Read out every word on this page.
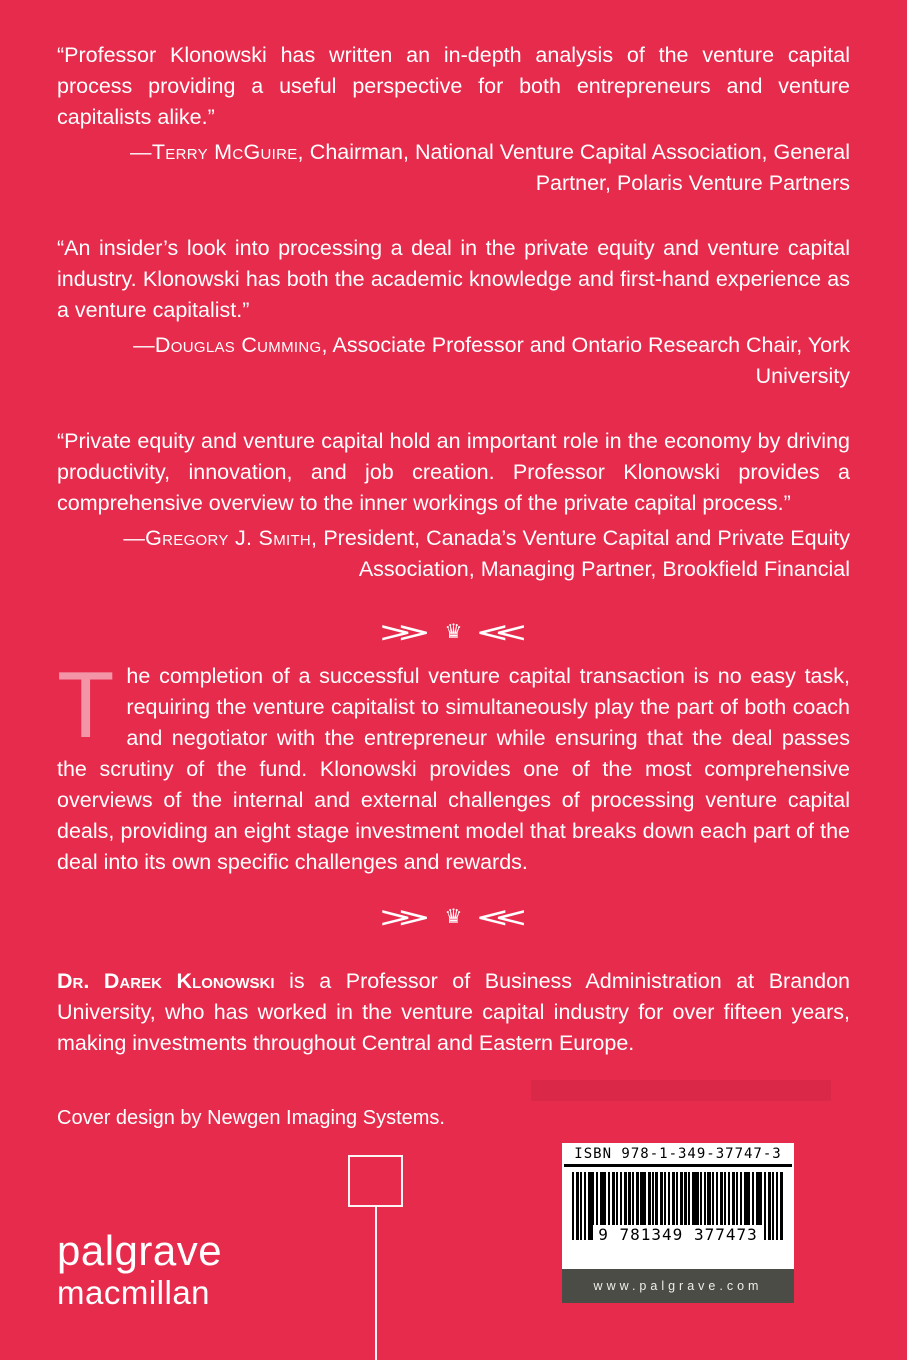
“Professor Klonowski has written an in-depth analysis of the venture capital process providing a useful perspective for both entrepreneurs and venture capitalists alike.”

—Terry McGuire, Chairman, National Venture Capital Association, General Partner, Polaris Venture Partners

“An insider’s look into processing a deal in the private equity and venture capital industry. Klonowski has both the academic knowledge and first-hand experience as a venture capitalist.”

—Douglas Cumming, Associate Professor and Ontario Research Chair, York University

“Private equity and venture capital hold an important role in the economy by driving productivity, innovation, and job creation. Professor Klonowski provides a comprehensive overview to the inner workings of the private capital process.”

—Gregory J. Smith, President, Canada’s Venture Capital and Private Equity Association, Managing Partner, Brookfield Financial

≫ ♛ ≪

The completion of a successful venture capital transaction is no easy task, requiring the venture capitalist to simultaneously play the part of both coach and negotiator with the entrepreneur while ensuring that the deal passes the scrutiny of the fund. Klonowski provides one of the most comprehensive overviews of the internal and external challenges of processing venture capital deals, providing an eight stage investment model that breaks down each part of the deal into its own specific challenges and rewards.

≫ ♛ ≪

Dr. Darek Klonowski is a Professor of Business Administration at Brandon University, who has worked in the venture capital industry for over fifteen years, making investments throughout Central and Eastern Europe.

Cover design by Newgen Imaging Systems.

palgrave
macmillan
ISBN 978-1-349-37747-3
9 781349 377473
www.palgrave.com
